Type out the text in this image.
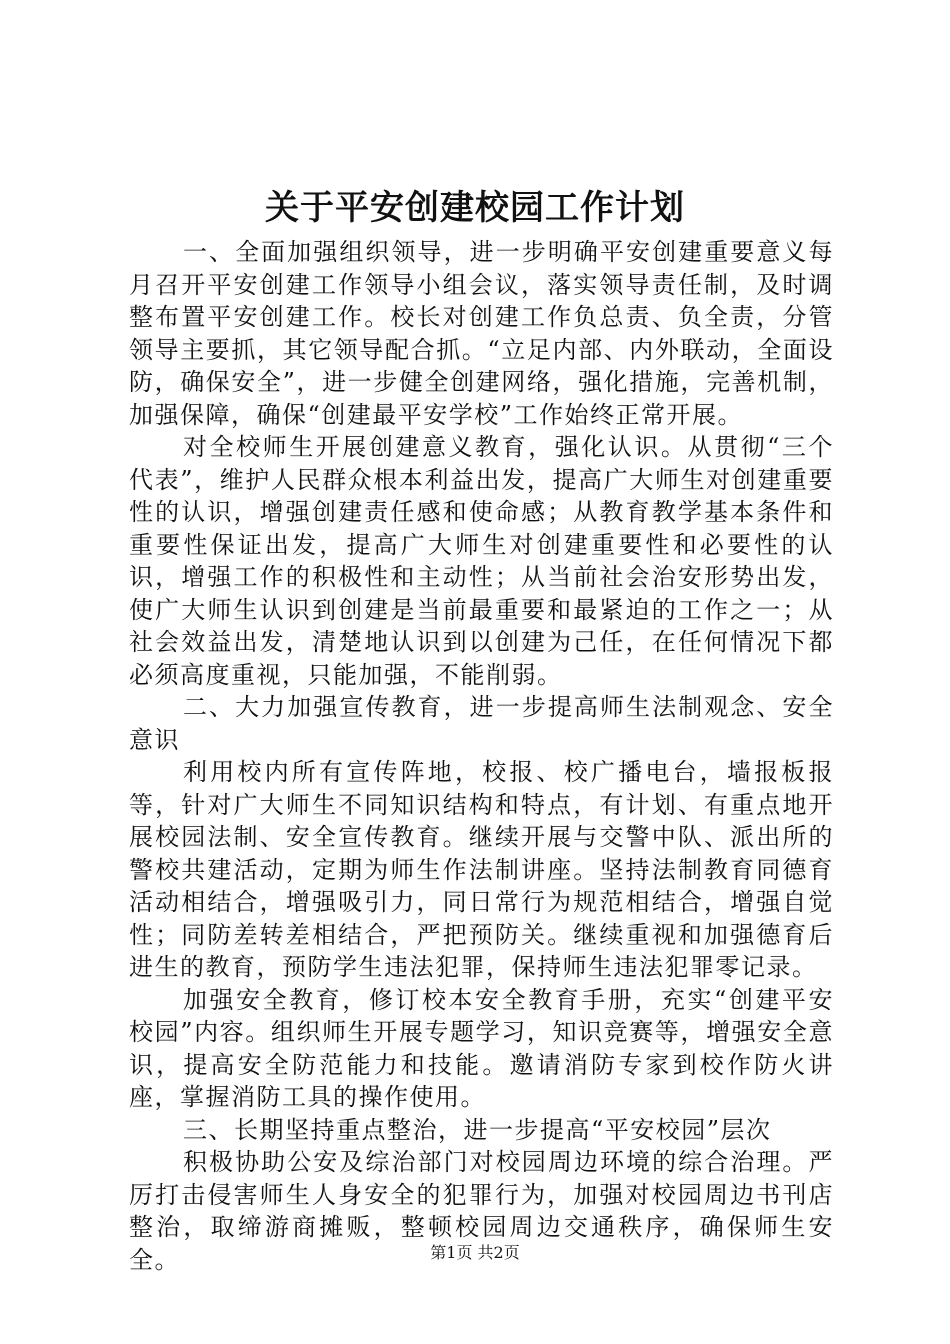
关于平安创建校园工作计划

一、全面加强组织领导，进一步明确平安创建重要意义每月召开平安创建工作领导小组会议，落实领导责任制，及时调整布置平安创建工作。校长对创建工作负总责、负全责，分管领导主要抓，其它领导配合抓。“立足内部、内外联动，全面设防，确保安全”，进一步健全创建网络，强化措施，完善机制，加强保障，确保“创建最平安学校”工作始终正常开展。

对全校师生开展创建意义教育，强化认识。从贯彻“三个代表”，维护人民群众根本利益出发，提高广大师生对创建重要性的认识，增强创建责任感和使命感；从教育教学基本条件和重要性保证出发，提高广大师生对创建重要性和必要性的认识，增强工作的积极性和主动性；从当前社会治安形势出发，使广大师生认识到创建是当前最重要和最紧迫的工作之一；从社会效益出发，清楚地认识到以创建为己任，在任何情况下都必须高度重视，只能加强，不能削弱。

二、大力加强宣传教育，进一步提高师生法制观念、安全意识

利用校内所有宣传阵地，校报、校广播电台，墙报板报等，针对广大师生不同知识结构和特点，有计划、有重点地开展校园法制、安全宣传教育。继续开展与交警中队、派出所的警校共建活动，定期为师生作法制讲座。坚持法制教育同德育活动相结合，增强吸引力，同日常行为规范相结合，增强自觉性；同防差转差相结合，严把预防关。继续重视和加强德育后进生的教育，预防学生违法犯罪，保持师生违法犯罪零记录。

加强安全教育，修订校本安全教育手册，充实“创建平安校园”内容。组织师生开展专题学习，知识竞赛等，增强安全意识，提高安全防范能力和技能。邀请消防专家到校作防火讲座，掌握消防工具的操作使用。

三、长期坚持重点整治，进一步提高“平安校园”层次

积极协助公安及综治部门对校园周边环境的综合治理。严厉打击侵害师生人身安全的犯罪行为，加强对校园周边书刊店整治，取缔游商摊贩，整顿校园周边交通秩序，确保师生安全。	第1页 共2页
